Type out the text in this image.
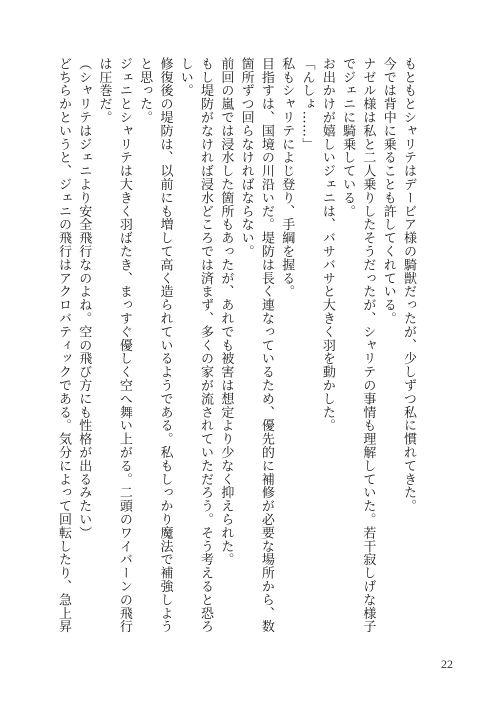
もともとシャリテはデービア様の騎獣だったが、少しずつ私に慣れてきた。

今では背中に乗ることも許してくれている。

ナゼル様は私と二人乗りしたそうだったが、シャリテの事情も理解していた。若干寂しげな様子

でジェニに騎乗している。

お出かけが嬉しいジェニは、バサバサと大きく羽を動かした。

「んしょ……」

私もシャリテによじ登り、手綱を握る。

目指すは、国境の川沿いだ。堤防は長く連なっているため、優先的に補修が必要な場所から、数

箇所ずつ回らなければならない。

前回の嵐では浸水した箇所もあったが、あれでも被害は想定より少なく抑えられた。

もし堤防がなければ浸水どころでは済まず、多くの家が流されていただろう。そう考えると恐ろ

しい。

修復後の堤防は、以前にも増して高く造られているようである。私もしっかり魔法で補強しよう

と思った。

ジェニとシャリテは大きく羽ばたき、まっすぐ優しく空へ舞い上がる。二頭のワイバーンの飛行

は圧巻だ。

（シャリテはジェニより安全飛行なのよね。空の飛び方にも性格が出るみたい）

どちらかというと、ジェニの飛行はアクロバティックである。気分によって回転したり、急上昇

22
